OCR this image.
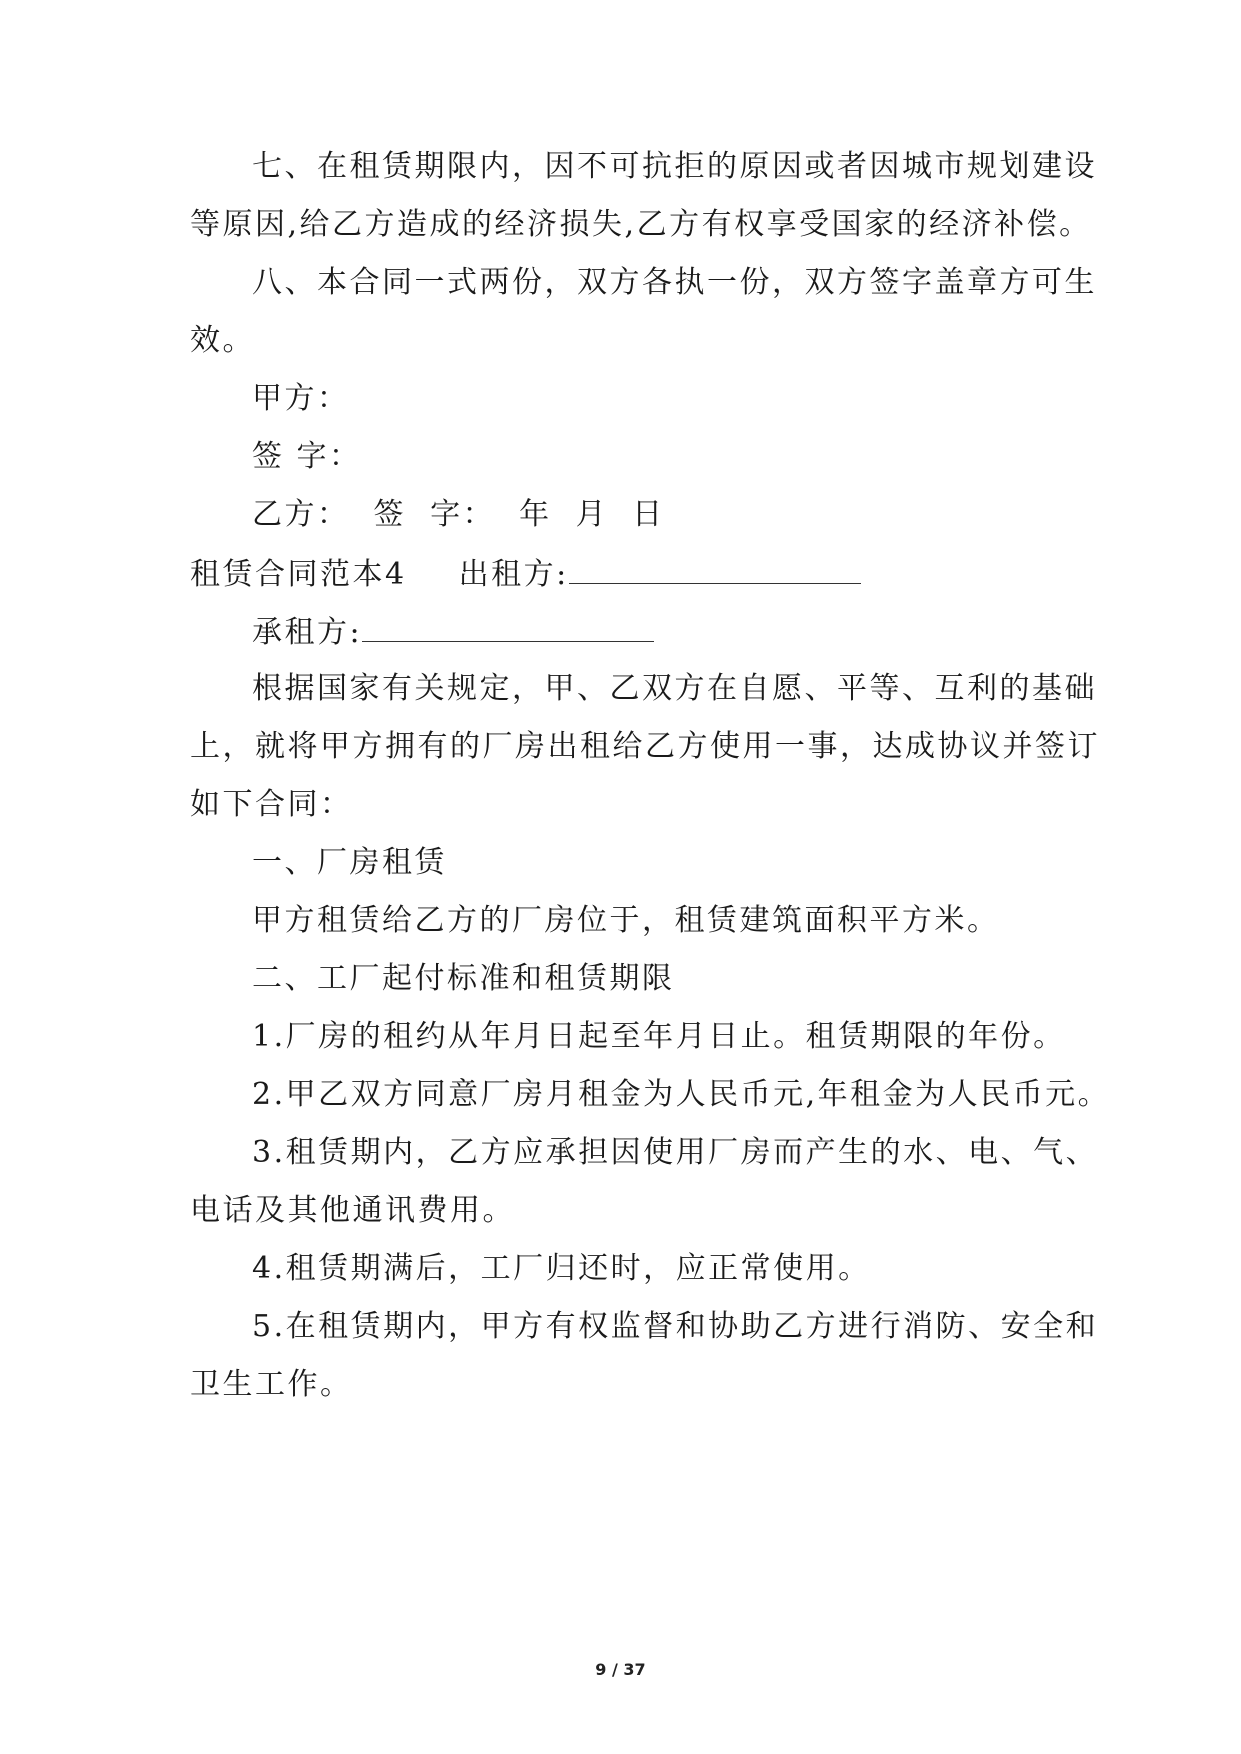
七、在租赁期限内，因不可抗拒的原因或者因城市规划建设
等原因,给乙方造成的经济损失,乙方有权享受国家的经济补偿。
八、本合同一式两份，双方各执一份，双方签字盖章方可生
效。
甲方：
签 字：
乙方： 签 字： 年 月 日
租赁合同范本4 出租方:
承租方:
根据国家有关规定，甲、乙双方在自愿、平等、互利的基础
上，就将甲方拥有的厂房出租给乙方使用一事，达成协议并签订
如下合同：
一、厂房租赁
甲方租赁给乙方的厂房位于，租赁建筑面积平方米。
二、工厂起付标准和租赁期限
1.厂房的租约从年月日起至年月日止。租赁期限的年份。
2.甲乙双方同意厂房月租金为人民币元,年租金为人民币元。
3.租赁期内，乙方应承担因使用厂房而产生的水、电、气、
电话及其他通讯费用。
4.租赁期满后，工厂归还时，应正常使用。
5.在租赁期内，甲方有权监督和协助乙方进行消防、安全和
卫生工作。
9 / 37
